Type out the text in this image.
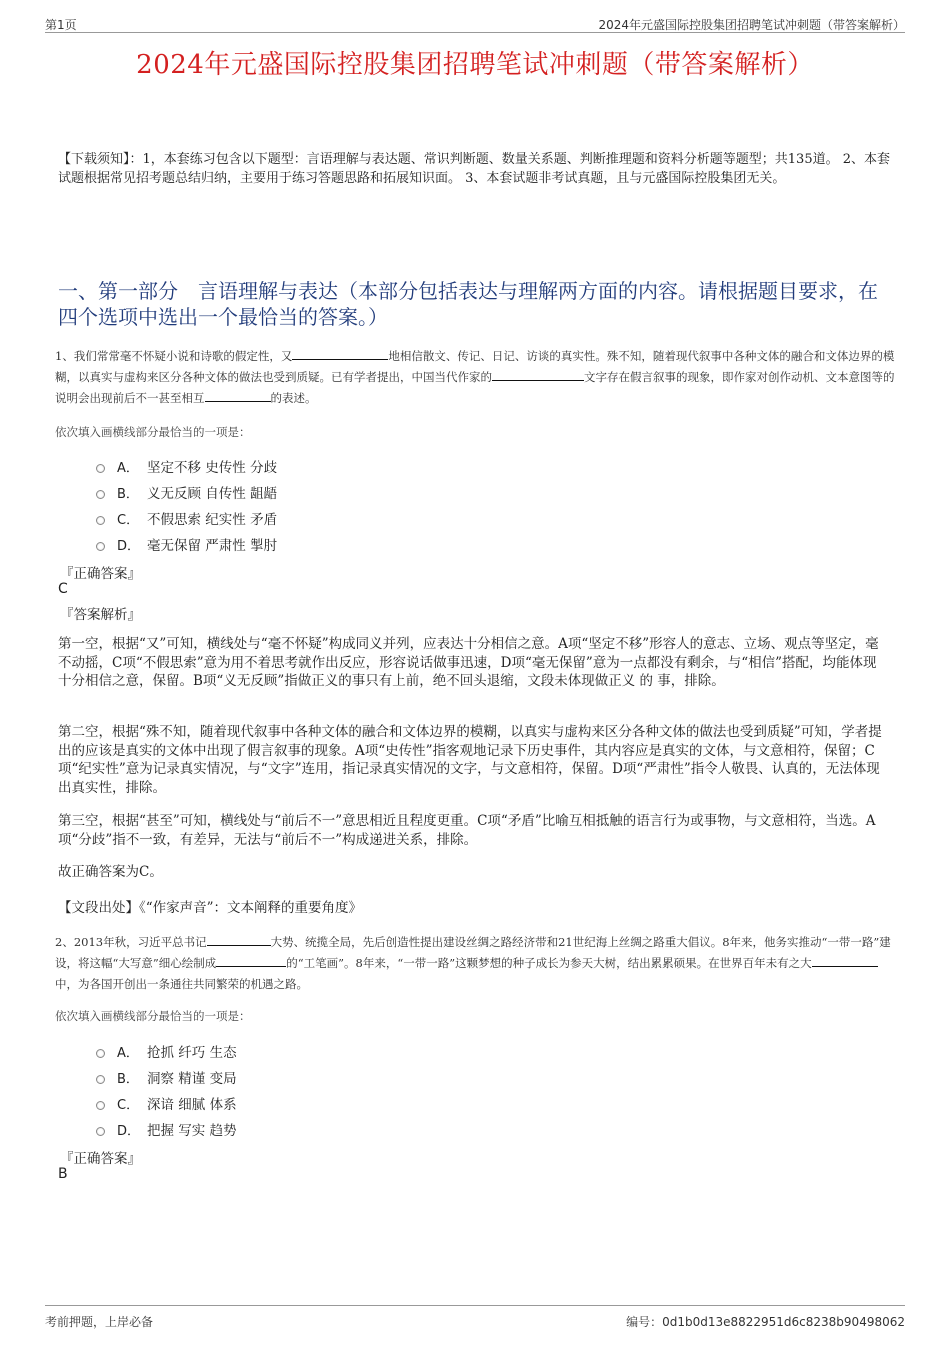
第1页	2024年元盛国际控股集团招聘笔试冲刺题（带答案解析）
2024年元盛国际控股集团招聘笔试冲刺题（带答案解析）
【下载须知】：1，本套练习包含以下题型：言语理解与表达题、常识判断题、数量关系题、判断推理题和资料分析题等题型；共135道。 2、本套试题根据常见招考题总结归纳，主要用于练习答题思路和拓展知识面。 3、本套试题非考试真题，且与元盛国际控股集团无关。
一、第一部分　言语理解与表达（本部分包括表达与理解两方面的内容。请根据题目要求，在四个选项中选出一个最恰当的答案。）
1、我们常常毫不怀疑小说和诗歌的假定性，又	地相信散文、传记、日记、访谈的真实性。殊不知，随着现代叙事中各种文体的融合和文体边界的模糊，以真实与虚构来区分各种文体的做法也受到质疑。已有学者提出，中国当代作家的	文字存在假言叙事的现象，即作家对创作动机、文本意图等的说明会出现前后不一甚至相互	的表述。
依次填入画横线部分最恰当的一项是：
A． 坚定不移 史传性 分歧
B． 义无反顾 自传性 龃龉
C． 不假思索 纪实性 矛盾
D． 毫无保留 严肃性 掣肘
『正确答案』
C
『答案解析』
第一空，根据“又”可知，横线处与“毫不怀疑”构成同义并列，应表达十分相信之意。A项“坚定不移”形容人的意志、立场、观点等坚定，毫不动摇，C项“不假思索”意为用不着思考就作出反应，形容说话做事迅速，D项“毫无保留”意为一点都没有剩余，与“相信”搭配，均能体现十分相信之意，保留。B项“义无反顾”指做正义的事只有上前，绝不回头退缩，文段未体现做正义 的 事，排除。
第二空，根据“殊不知，随着现代叙事中各种文体的融合和文体边界的模糊，以真实与虚构来区分各种文体的做法也受到质疑”可知，学者提出的应该是真实的文体中出现了假言叙事的现象。A项“史传性”指客观地记录下历史事件，其内容应是真实的文体，与文意相符，保留；C项“纪实性”意为记录真实情况，与“文字”连用，指记录真实情况的文字，与文意相符，保留。D项“严肃性”指令人敬畏、认真的，无法体现出真实性，排除。
第三空，根据“甚至”可知，横线处与“前后不一”意思相近且程度更重。C项“矛盾”比喻互相抵触的语言行为或事物，与文意相符，当选。A项“分歧”指不一致，有差异，无法与“前后不一”构成递进关系，排除。
故正确答案为C。
【文段出处】《“作家声音”：文本阐释的重要角度》
2、2013年秋，习近平总书记	大势、统揽全局，先后创造性提出建设丝绸之路经济带和21世纪海上丝绸之路重大倡议。8年来，他务实推动“一带一路”建设，将这幅“大写意”细心绘制成	的“工笔画”。8年来，“一带一路”这颗梦想的种子成长为参天大树，结出累累硕果。在世界百年未有之大中，为各国开创出一条通往共同繁荣的机遇之路。
依次填入画横线部分最恰当的一项是：
A． 抢抓 纤巧 生态
B． 洞察 精谨 变局
C． 深谙 细腻 体系
D． 把握 写实 趋势
『正确答案』
B
考前押题，上岸必备	编号：0d1b0d13e8822951d6c8238b90498062
